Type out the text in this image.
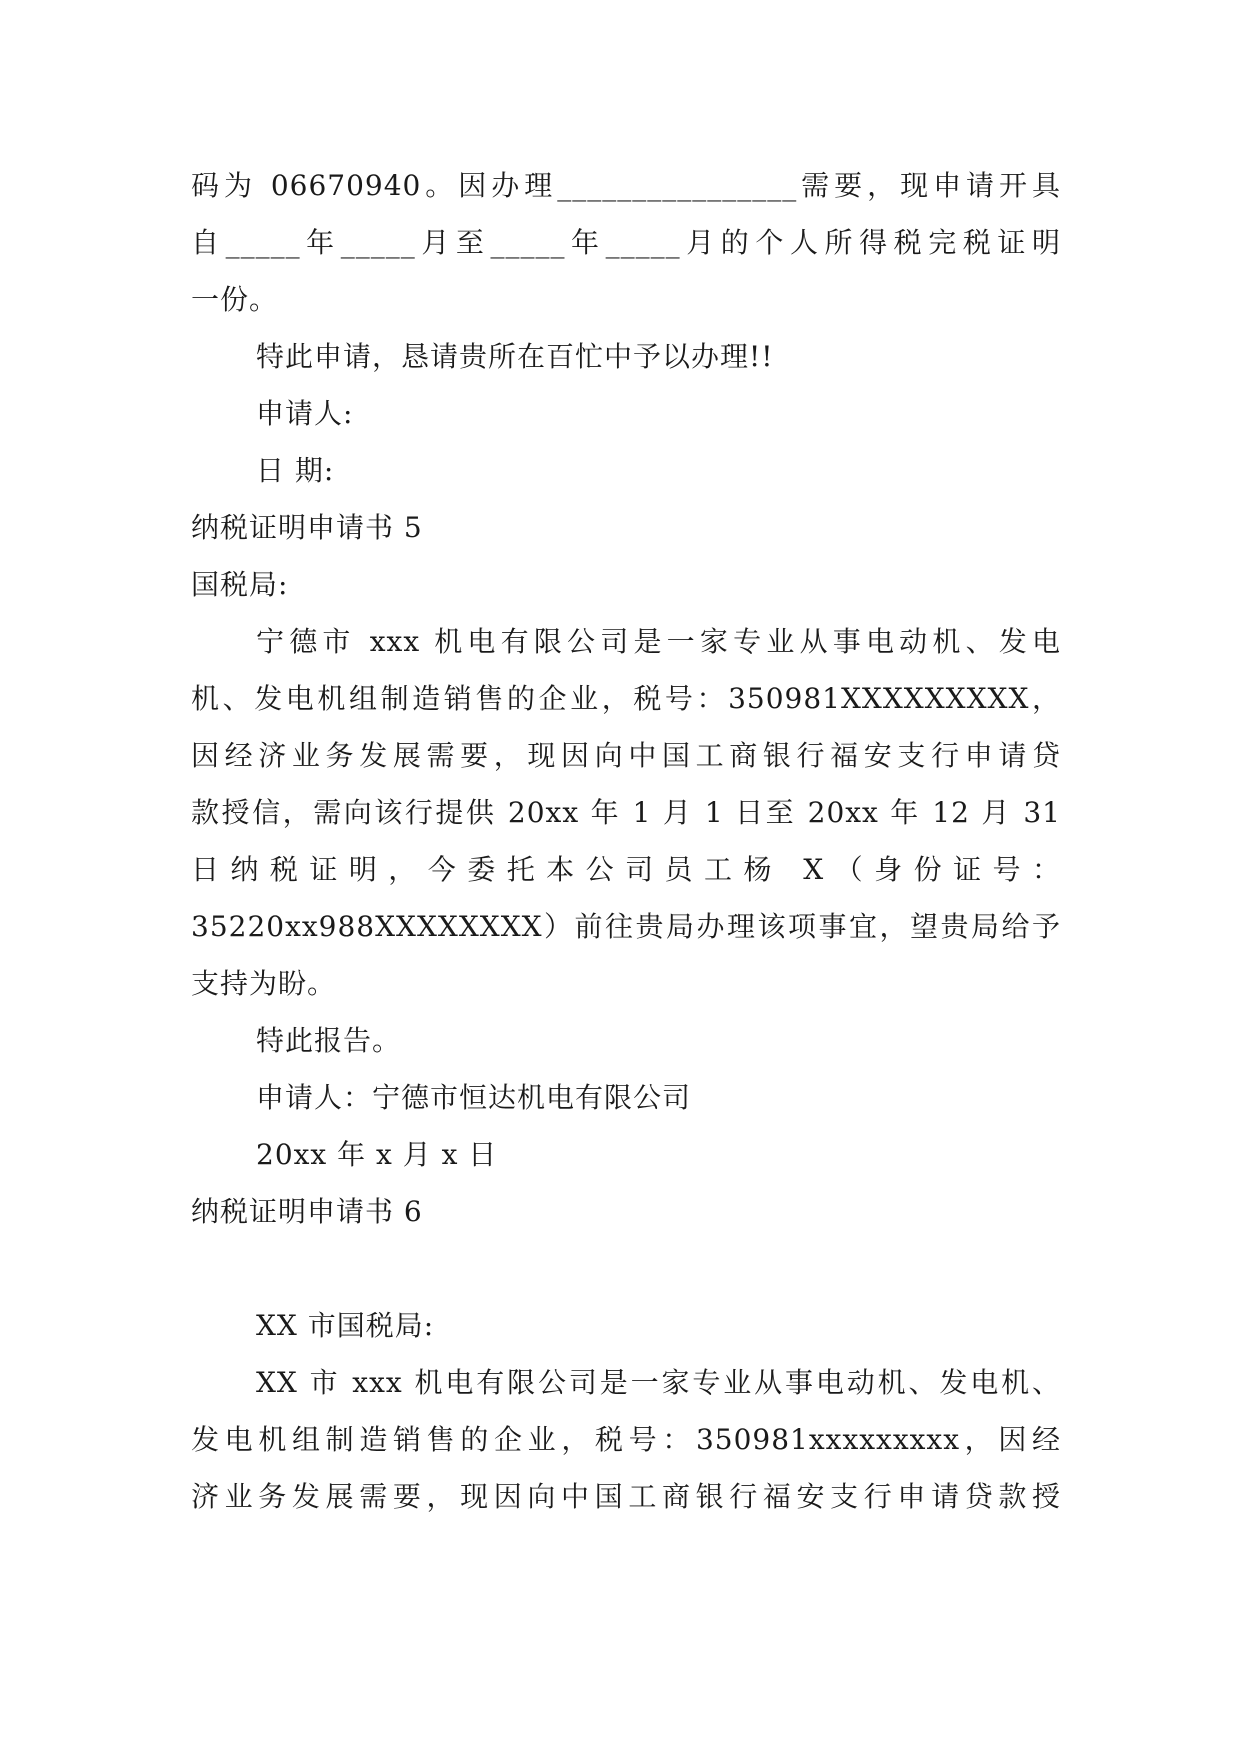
码为 06670940。因办理________________需要，现申请开具
自_____年_____月至_____年_____月的个人所得税完税证明
一份。
特此申请，恳请贵所在百忙中予以办理!!
申请人:
日 期:
纳税证明申请书 5
国税局:
宁德市 xxx 机电有限公司是一家专业从事电动机、发电
机、发电机组制造销售的企业，税号：350981XXXXXXXXX，
因经济业务发展需要，现因向中国工商银行福安支行申请贷
款授信，需向该行提供 20xx 年 1 月 1 日至 20xx 年 12 月 31
日纳税证明，今委托本公司员工杨 X（身份证号：
35220xx988XXXXXXXX）前往贵局办理该项事宜，望贵局给予
支持为盼。
特此报告。
申请人：宁德市恒达机电有限公司
20xx 年 x 月 x 日
纳税证明申请书 6
XX 市国税局:
XX 市 xxx 机电有限公司是一家专业从事电动机、发电机、
发电机组制造销售的企业，税号：350981xxxxxxxxx，因经
济业务发展需要，现因向中国工商银行福安支行申请贷款授
